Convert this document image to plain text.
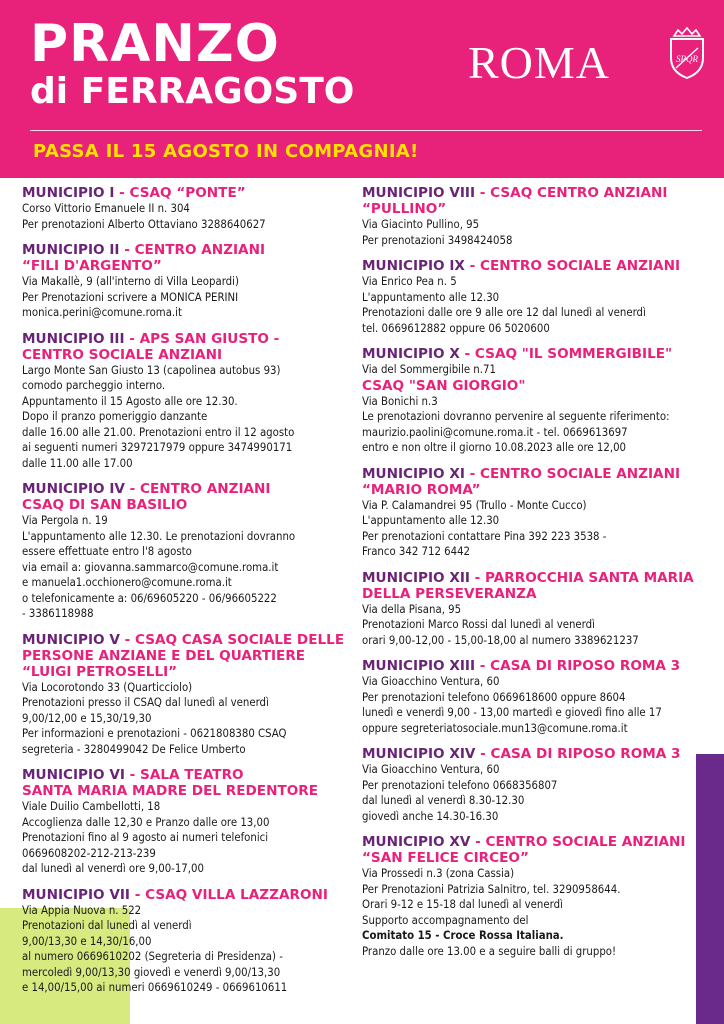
PRANZO
di FERRAGOSTO
ROMA	SPQR
PASSA IL 15 AGOSTO IN COMPAGNIA!
MUNICIPIO I - CSAQ “PONTE”
Corso Vittorio Emanuele II n. 304
Per prenotazioni Alberto Ottaviano 3288640627
MUNICIPIO II - CENTRO ANZIANI
“FILI D'ARGENTO”
Via Makallè, 9 (all'interno di Villa Leopardi)
Per Prenotazioni scrivere a MONICA PERINI
monica.perini@comune.roma.it
MUNICIPIO III - APS SAN GIUSTO -
CENTRO SOCIALE ANZIANI
Largo Monte San Giusto 13 (capolinea autobus 93)
comodo parcheggio interno.
Appuntamento il 15 Agosto alle ore 12.30.
Dopo il pranzo pomeriggio danzante
dalle 16.00 alle 21.00. Prenotazioni entro il 12 agosto
ai seguenti numeri 3297217979 oppure 3474990171
dalle 11.00 alle 17.00
MUNICIPIO IV - CENTRO ANZIANI
CSAQ DI SAN BASILIO
Via Pergola n. 19
L'appuntamento alle 12.30. Le prenotazioni dovranno
essere effettuate entro l'8 agosto
via email a: giovanna.sammarco@comune.roma.it
e manuela1.occhionero@comune.roma.it
o telefonicamente a: 06/69605220 - 06/96605222
- 3386118988
MUNICIPIO V - CSAQ CASA SOCIALE DELLE
PERSONE ANZIANE E DEL QUARTIERE
“LUIGI PETROSELLI”
Via Locorotondo 33 (Quarticciolo)
Prenotazioni presso il CSAQ dal lunedì al venerdì
9,00/12,00 e 15,30/19,30
Per informazioni e prenotazioni - 0621808380 CSAQ
segreteria - 3280499042 De Felice Umberto
MUNICIPIO VI - SALA TEATRO
SANTA MARIA MADRE DEL REDENTORE
Viale Duilio Cambellotti, 18
Accoglienza dalle 12,30 e Pranzo dalle ore 13,00
Prenotazioni fino al 9 agosto ai numeri telefonici
0669608202-212-213-239
dal lunedì al venerdì ore 9,00-17,00
MUNICIPIO VII - CSAQ VILLA LAZZARONI
Via Appia Nuova n. 522
Prenotazioni dal lunedì al venerdì
9,00/13,30 e 14,30/16,00
al numero 0669610202 (Segreteria di Presidenza) -
mercoledì 9,00/13,30 giovedì e venerdì 9,00/13,30
e 14,00/15,00 ai numeri 0669610249 - 0669610611
MUNICIPIO VIII - CSAQ CENTRO ANZIANI
“PULLINO”
Via Giacinto Pullino, 95
Per prenotazioni 3498424058
MUNICIPIO IX - CENTRO SOCIALE ANZIANI
Via Enrico Pea n. 5
L'appuntamento alle 12.30
Prenotazioni dalle ore 9 alle ore 12 dal lunedì al venerdì
tel. 0669612882 oppure 06 5020600
MUNICIPIO X - CSAQ "IL SOMMERGIBILE"
Via del Sommergibile n.71
CSAQ "SAN GIORGIO"
Via Bonichi n.3
Le prenotazioni dovranno pervenire al seguente riferimento:
maurizio.paolini@comune.roma.it - tel. 0669613697
entro e non oltre il giorno 10.08.2023 alle ore 12,00
MUNICIPIO XI - CENTRO SOCIALE ANZIANI
“MARIO ROMA”
Via P. Calamandrei 95 (Trullo - Monte Cucco)
L'appuntamento alle 12.30
Per prenotazioni contattare Pina 392 223 3538 -
Franco 342 712 6442
MUNICIPIO XII - PARROCCHIA SANTA MARIA
DELLA PERSEVERANZA
Via della Pisana, 95
Prenotazioni Marco Rossi dal lunedì al venerdì
orari 9,00-12,00 - 15,00-18,00 al numero 3389621237
MUNICIPIO XIII - CASA DI RIPOSO ROMA 3
Via Gioacchino Ventura, 60
Per prenotazioni telefono 0669618600 oppure 8604
lunedì e venerdì 9,00 - 13,00 martedì e giovedì fino alle 17
oppure segreteriatosociale.mun13@comune.roma.it
MUNICIPIO XIV - CASA DI RIPOSO ROMA 3
Via Gioacchino Ventura, 60
Per prenotazioni telefono 0668356807
dal lunedì al venerdì 8.30-12.30
giovedì anche 14.30-16.30
MUNICIPIO XV - CENTRO SOCIALE ANZIANI
“SAN FELICE CIRCEO”
Via Prossedi n.3 (zona Cassia)
Per Prenotazioni Patrizia Salnitro, tel. 3290958644.
Orari 9-12 e 15-18 dal lunedì al venerdì
Supporto accompagnamento del
Comitato 15 - Croce Rossa Italiana.
Pranzo dalle ore 13.00 e a seguire balli di gruppo!
